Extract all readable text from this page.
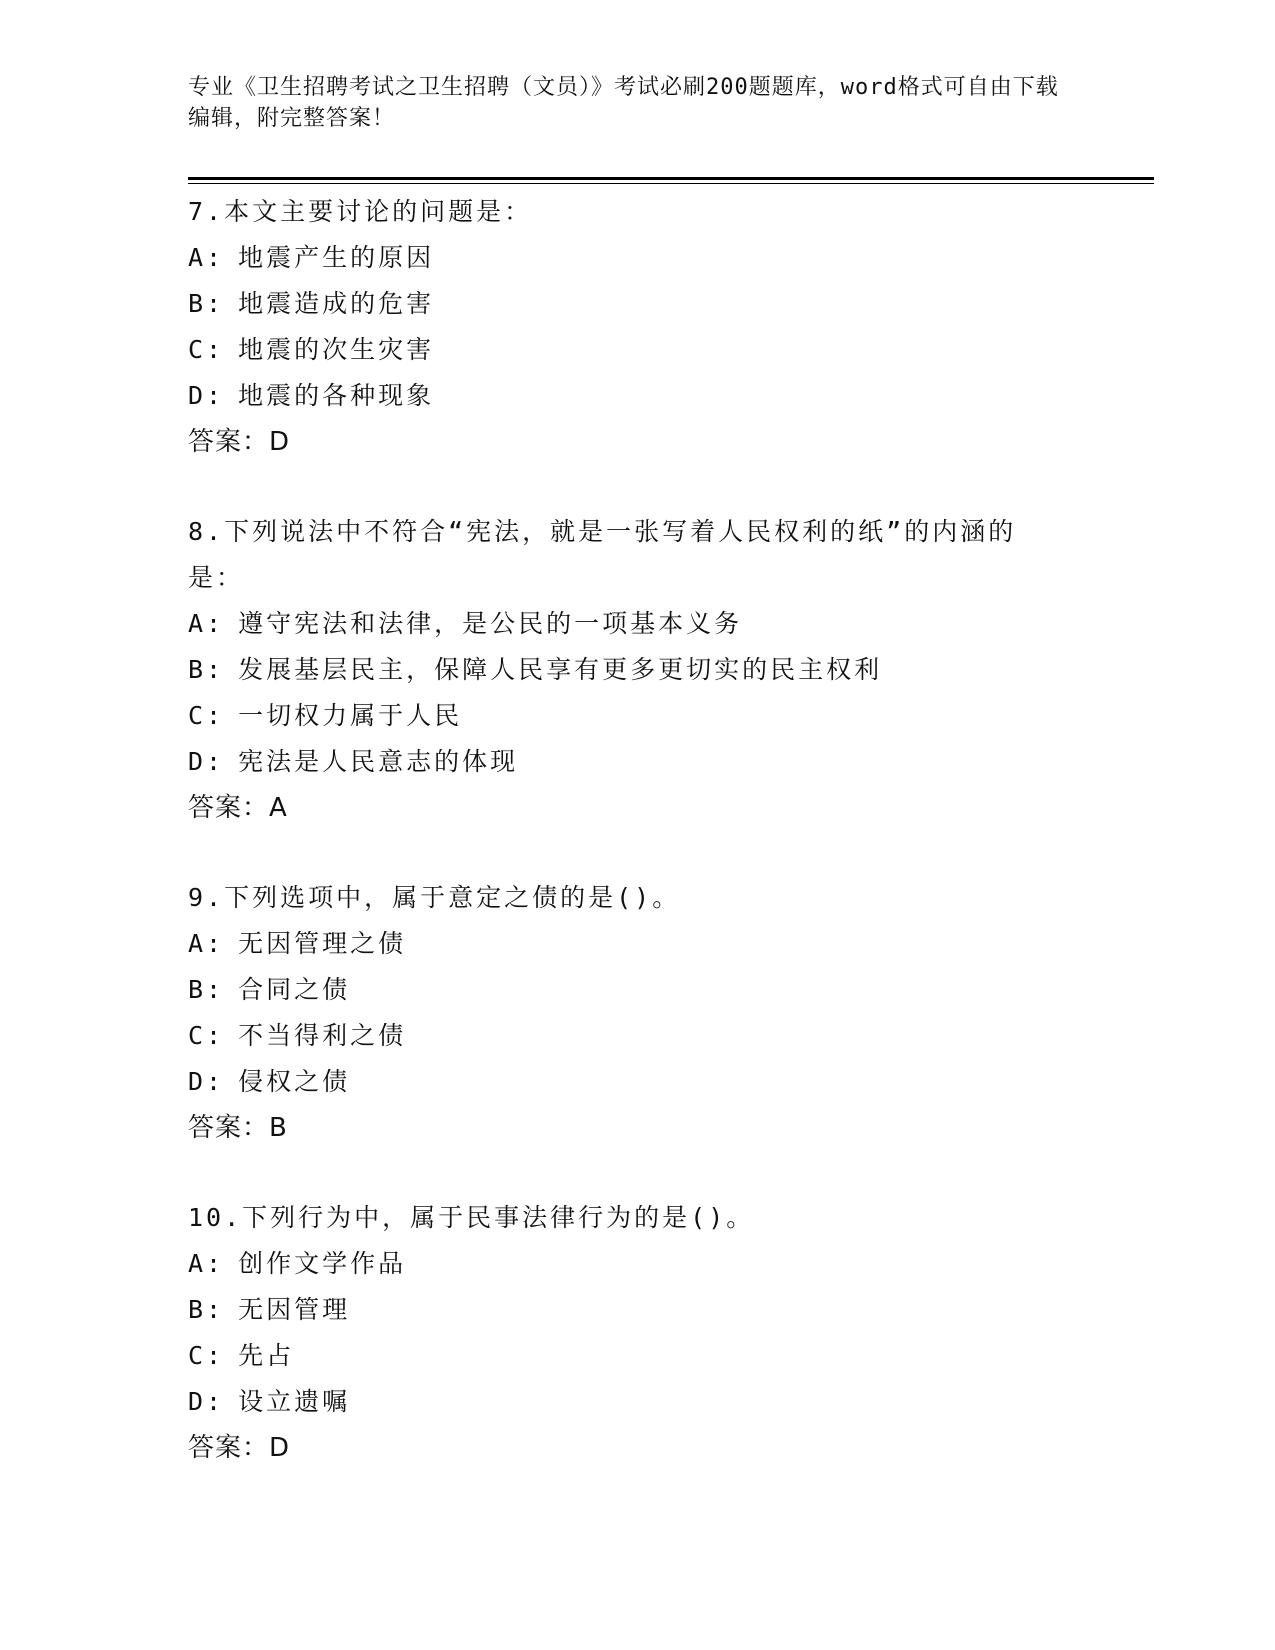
专业《卫生招聘考试之卫生招聘（文员）》考试必刷200题题库，word格式可自由下载编辑，附完整答案！
7.本文主要讨论的问题是：
A: 地震产生的原因
B: 地震造成的危害
C: 地震的次生灾害
D: 地震的各种现象
答案：D
8.下列说法中不符合“宪法，就是一张写着人民权利的纸”的内涵的是：
A: 遵守宪法和法律，是公民的一项基本义务
B: 发展基层民主，保障人民享有更多更切实的民主权利
C: 一切权力属于人民
D: 宪法是人民意志的体现
答案：A
9.下列选项中，属于意定之债的是()。
A: 无因管理之债
B: 合同之债
C: 不当得利之债
D: 侵权之债
答案：B
10.下列行为中，属于民事法律行为的是()。
A: 创作文学作品
B: 无因管理
C: 先占
D: 设立遗嘱
答案：D
